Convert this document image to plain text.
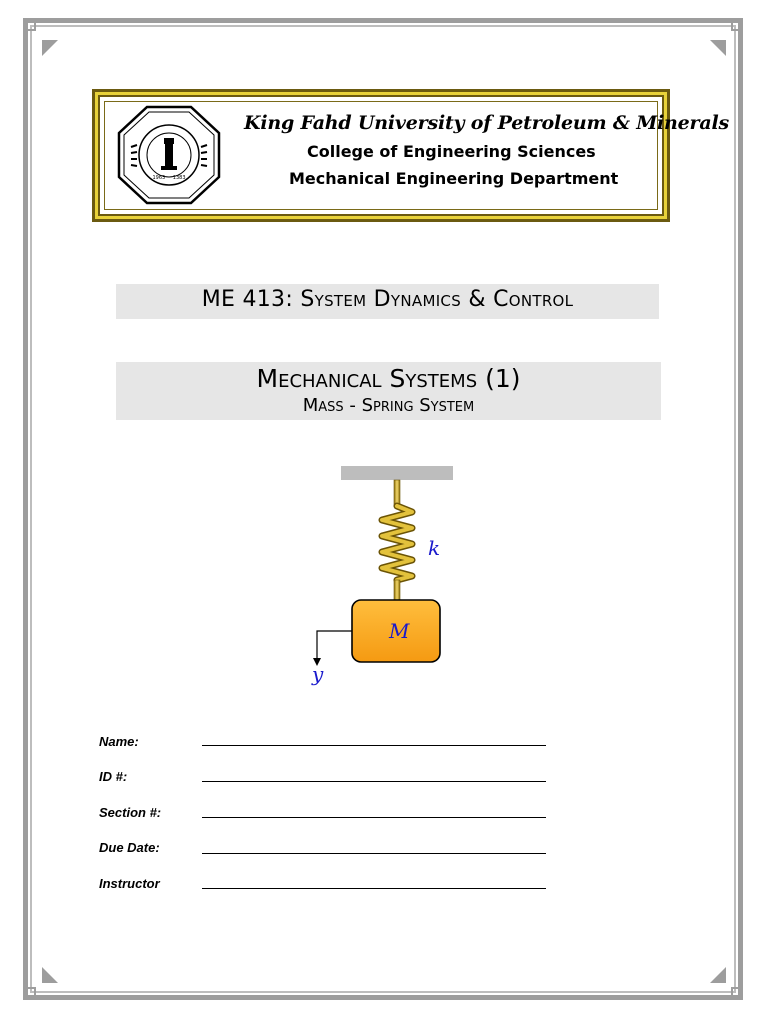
1963 1383
King Fahd University of Petroleum & Minerals
College of Engineering Sciences
Mechanical Engineering Department
ME 413: System Dynamics & Control
Mechanical Systems (1)
Mass - Spring System
k
M
y
Name:
ID #:
Section #:
Due Date:
Instructor
